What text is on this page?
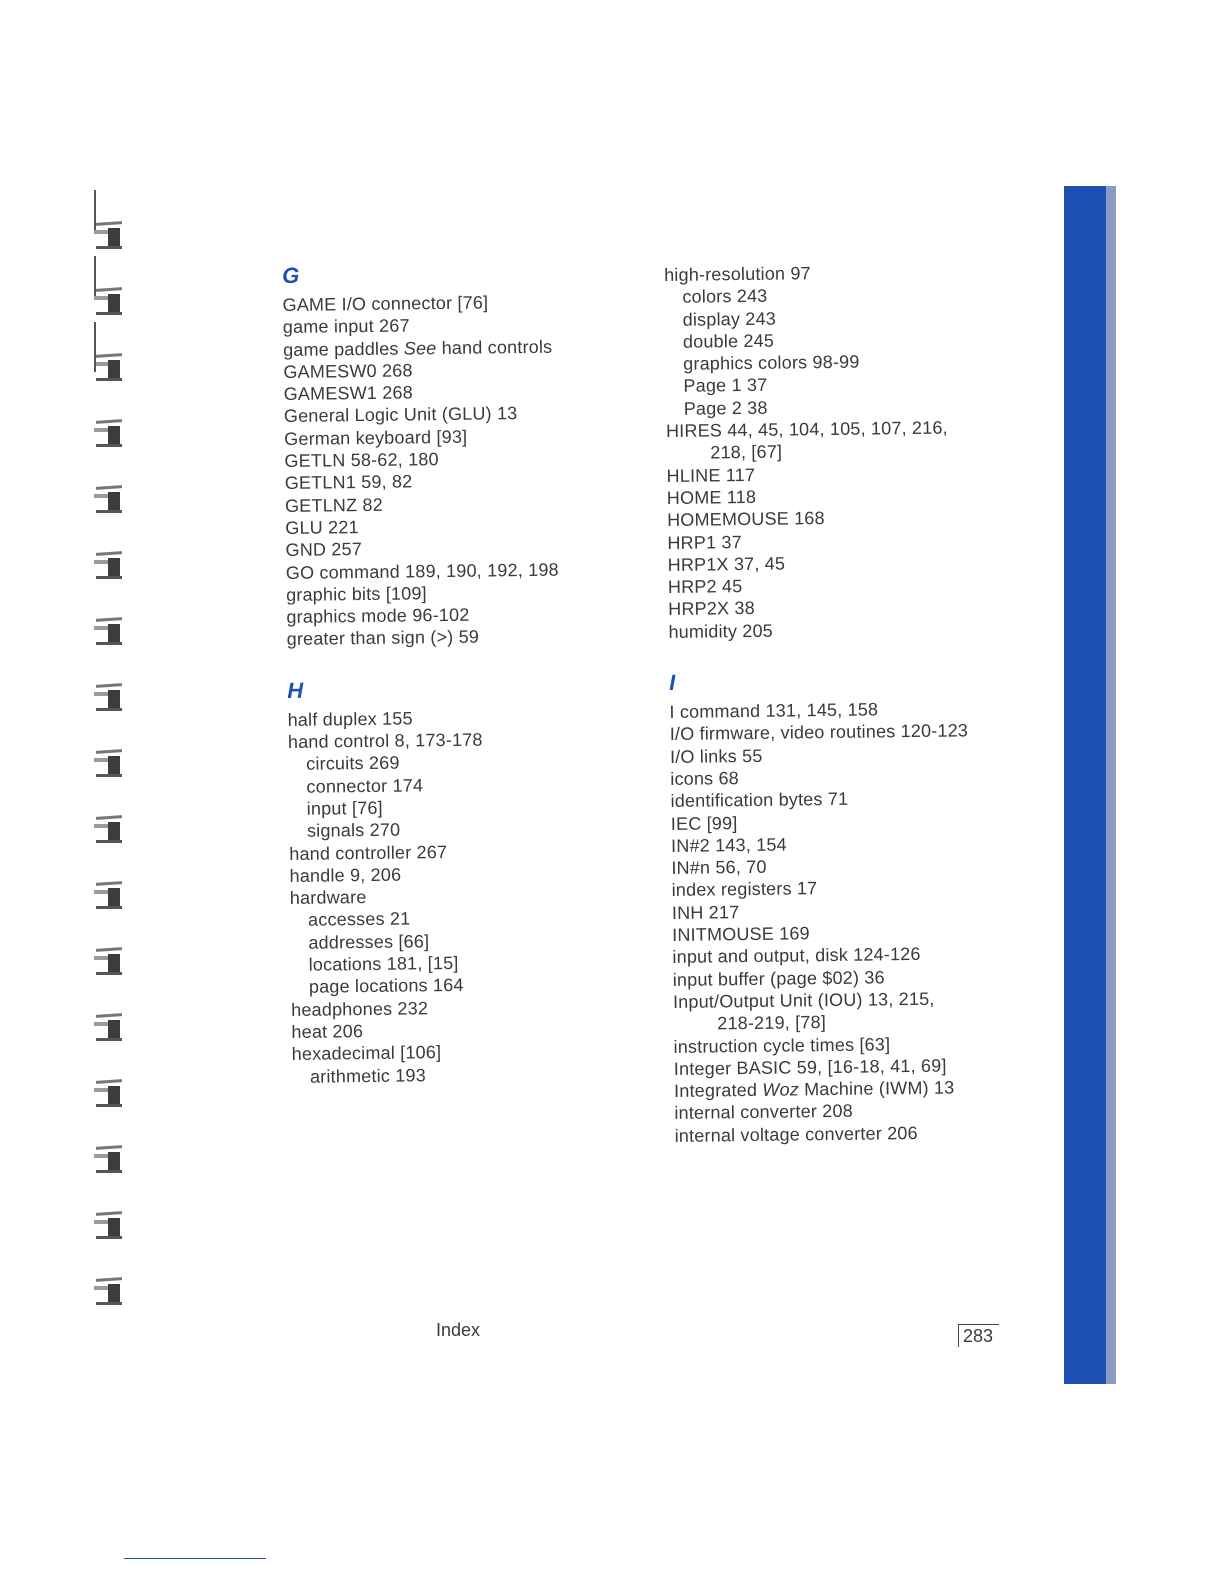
G
GAME I/O connector [76]
game input 267
game paddles See hand controls
GAMESW0 268
GAMESW1 268
General Logic Unit (GLU) 13
German keyboard [93]
GETLN 58-62, 180
GETLN1 59, 82
GETLNZ 82
GLU 221
GND 257
GO command 189, 190, 192, 198
graphic bits [109]
graphics mode 96-102
greater than sign (>) 59
H
half duplex 155
hand control 8, 173-178
circuits 269
connector 174
input [76]
signals 270
hand controller 267
handle 9, 206
hardware
accesses 21
addresses [66]
locations 181, [15]
page locations 164
headphones 232
heat 206
hexadecimal [106]
arithmetic 193
high-resolution 97
colors 243
display 243
double 245
graphics colors 98-99
Page 1 37
Page 2 38
HIRES 44, 45, 104, 105, 107, 216,
218, [67]
HLINE 117
HOME 118
HOMEMOUSE 168
HRP1 37
HRP1X 37, 45
HRP2 45
HRP2X 38
humidity 205
I
I command 131, 145, 158
I/O firmware, video routines 120-123
I/O links 55
icons 68
identification bytes 71
IEC [99]
IN#2 143, 154
IN#n 56, 70
index registers 17
INH 217
INITMOUSE 169
input and output, disk 124-126
input buffer (page $02) 36
Input/Output Unit (IOU) 13, 215,
218-219, [78]
instruction cycle times [63]
Integer BASIC 59, [16-18, 41, 69]
Integrated Woz Machine (IWM) 13
internal converter 208
internal voltage converter 206
Index	283
